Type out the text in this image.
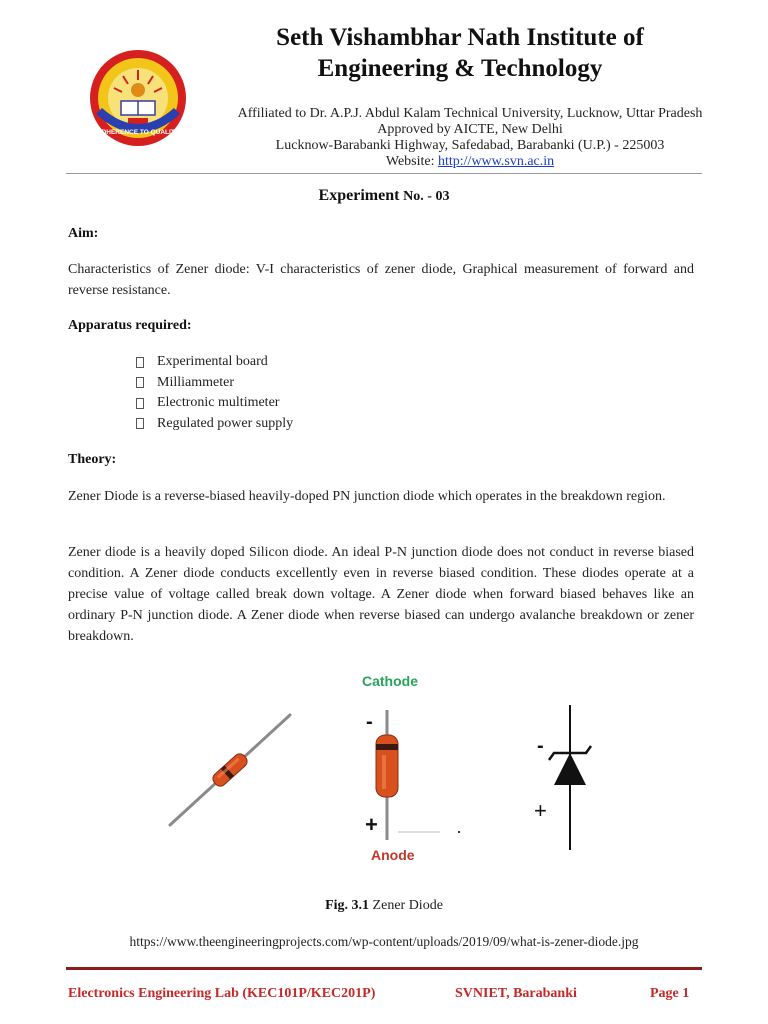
ADHERENCE TO QUALITY
Seth Vishambhar Nath Institute of
Engineering & Technology
Affiliated to Dr. A.P.J. Abdul Kalam Technical University, Lucknow, Uttar Pradesh
Approved by AICTE, New Delhi
Lucknow-Barabanki Highway, Safedabad, Barabanki (U.P.) - 225003
Website: http://www.svn.ac.in
Experiment No. - 03
Aim:
Characteristics of Zener diode: V-I characteristics of zener diode, Graphical measurement of forward and reverse resistance.
Apparatus required:
Experimental board
Milliammeter
Electronic multimeter
Regulated power supply
Theory:
Zener Diode is a reverse-biased heavily-doped PN junction diode which operates in the breakdown region.
Zener diode is a heavily doped Silicon diode. An ideal P-N junction diode does not conduct in reverse biased condition. A Zener diode conducts excellently even in reverse biased condition. These diodes operate at a precise value of voltage called break down voltage. A Zener diode when forward biased behaves like an ordinary P-N junction diode. A Zener diode when reverse biased can undergo avalanche breakdown or zener breakdown.
-
+
-
+
Cathode
Anode
Fig. 3.1 Zener Diode
https://www.theengineeringprojects.com/wp-content/uploads/2019/09/what-is-zener-diode.jpg
Electronics Engineering Lab (KEC101P/KEC201P)	SVNIET, Barabanki	Page 1
